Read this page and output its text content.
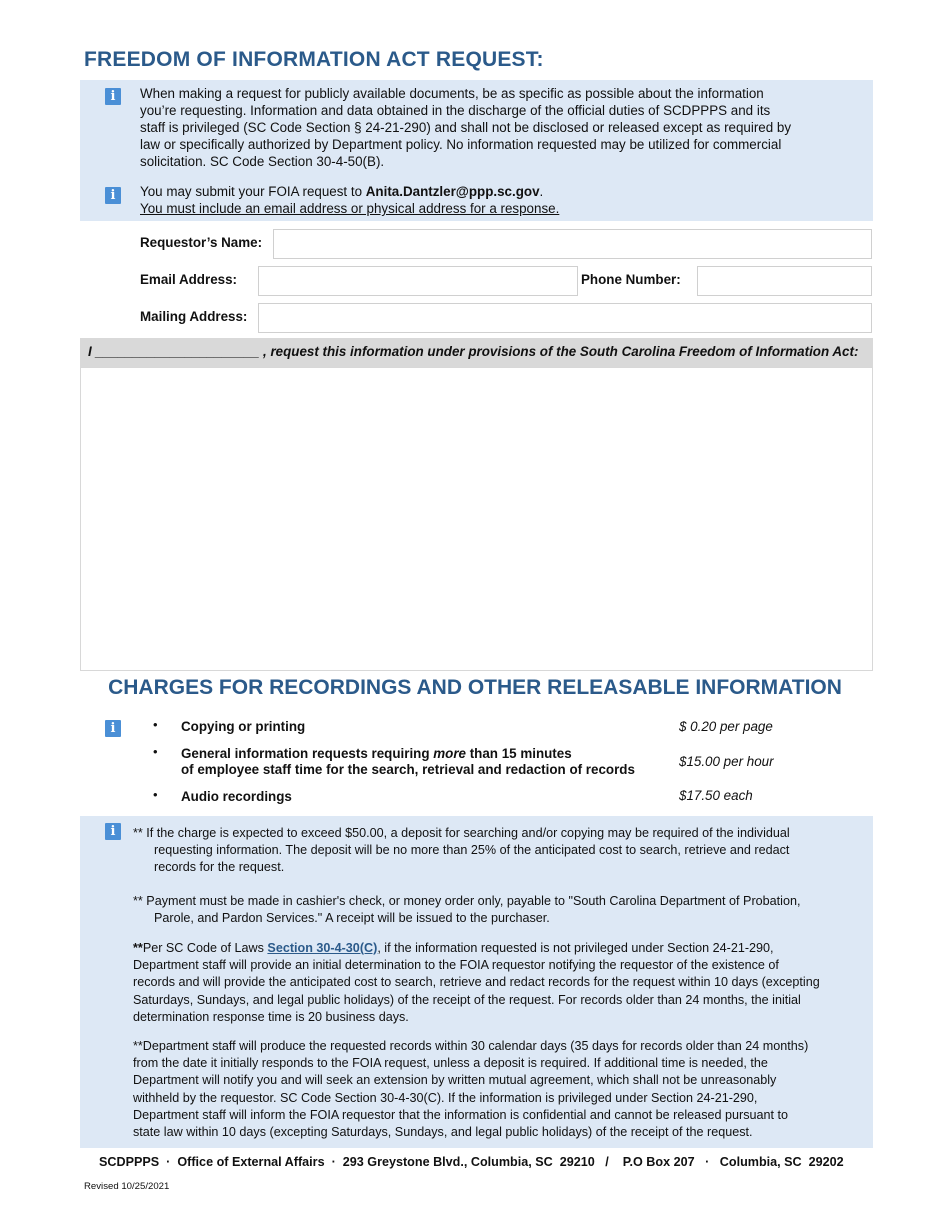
FREEDOM OF INFORMATION ACT REQUEST:
i	When making a request for publicly available documents, be as specific as possible about the information
you’re requesting. Information and data obtained in the discharge of the official duties of SCDPPPS and its
staff is privileged (SC Code Section § 24-21-290) and shall not be disclosed or released except as required by
law or specifically authorized by Department policy. No information requested may be utilized for commercial
solicitation. SC Code Section 30-4-50(B).
i	You may submit your FOIA request to Anita.Dantzler@ppp.sc.gov.
You must include an email address or physical address for a response.
Requestor’s Name:
Email Address:	Phone Number:
Mailing Address:
I ______________________ , request this information under provisions of the South Carolina Freedom of Information Act:
CHARGES FOR RECORDINGS AND OTHER RELEASABLE INFORMATION
i	• Copying or printing	$ 0.20 per page
• General information requests requiring more than 15 minutes
of employee staff time for the search, retrieval and redaction of records	$15.00 per hour
• Audio recordings	$17.50 each
i	** If the charge is expected to exceed $50.00, a deposit for searching and/or copying may be required of the individual
requesting information. The deposit will be no more than 25% of the anticipated cost to search, retrieve and redact
records for the request.
** Payment must be made in cashier's check, or money order only, payable to "South Carolina Department of Probation,
Parole, and Pardon Services." A receipt will be issued to the purchaser.
**Per SC Code of Laws Section 30-4-30(C), if the information requested is not privileged under Section 24-21-290,
Department staff will provide an initial determination to the FOIA requestor notifying the requestor of the existence of
records and will provide the anticipated cost to search, retrieve and redact records for the request within 10 days (excepting
Saturdays, Sundays, and legal public holidays) of the receipt of the request. For records older than 24 months, the initial
determination response time is 20 business days.
**Department staff will produce the requested records within 30 calendar days (35 days for records older than 24 months)
from the date it initially responds to the FOIA request, unless a deposit is required. If additional time is needed, the
Department will notify you and will seek an extension by written mutual agreement, which shall not be unreasonably
withheld by the requestor. SC Code Section 30-4-30(C). If the information is privileged under Section 24-21-290,
Department staff will inform the FOIA requestor that the information is confidential and cannot be released pursuant to
state law within 10 days (excepting Saturdays, Sundays, and legal public holidays) of the receipt of the request.
SCDPPPS  ·  Office of External Affairs  ·  293 Greystone Blvd., Columbia, SC  29210   /    P.O Box 207   ·   Columbia, SC  29202
Revised 10/25/2021
